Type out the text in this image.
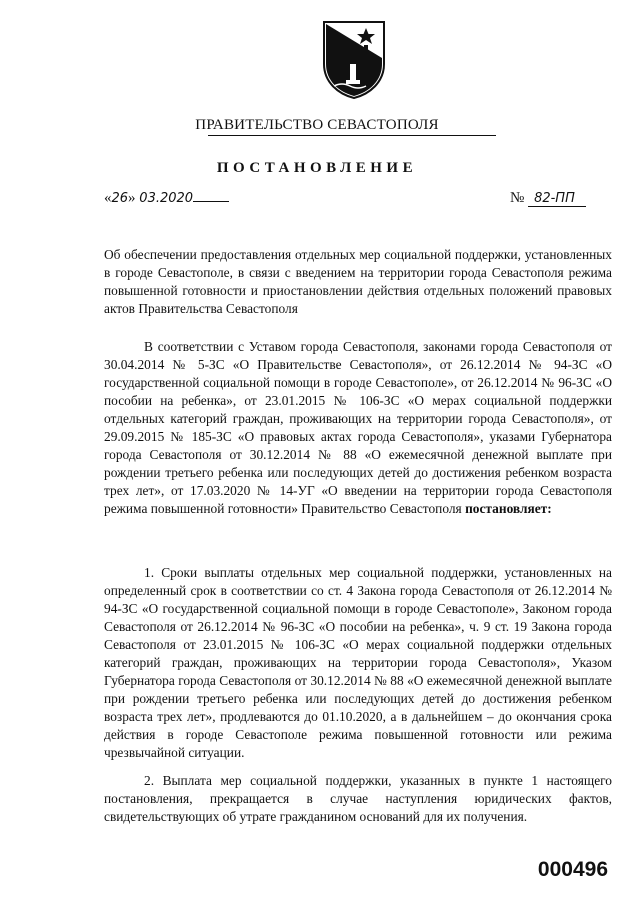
ПРАВИТЕЛЬСТВО СЕВАСТОПОЛЯ
ПОСТАНОВЛЕНИЕ
«26» 03.2020	№ 82-ПП
Об обеспечении предоставления отдельных мер социальной поддержки, установленных в городе Севастополе, в связи с введением на территории города Севастополя режима повышенной готовности и приостановлении действия отдельных положений правовых актов Правительства Севастополя

В соответствии с Уставом города Севастополя, законами города Севастополя от 30.04.2014 № 5-ЗС «О Правительстве Севастополя», от 26.12.2014 № 94-ЗС «О государственной социальной помощи в городе Севастополе», от 26.12.2014 № 96-ЗС «О пособии на ребенка», от 23.01.2015 № 106-ЗС «О мерах социальной поддержки отдельных категорий граждан, проживающих на территории города Севастополя», от 29.09.2015 № 185-ЗС «О правовых актах города Севастополя», указами Губернатора города Севастополя от 30.12.2014 № 88 «О ежемесячной денежной выплате при рождении третьего ребенка или последующих детей до достижения ребенком возраста трех лет», от 17.03.2020 № 14-УГ «О введении на территории города Севастополя режима повышенной готовности» Правительство Севастополя постановляет:

1. Сроки выплаты отдельных мер социальной поддержки, установленных на определенный срок в соответствии со ст. 4 Закона города Севастополя от 26.12.2014 № 94-ЗС «О государственной социальной помощи в городе Севастополе», Законом города Севастополя от 26.12.2014 № 96-ЗС «О пособии на ребенка», ч. 9 ст. 19 Закона города Севастополя от 23.01.2015 № 106-ЗС «О мерах социальной поддержки отдельных категорий граждан, проживающих на территории города Севастополя», Указом Губернатора города Севастополя от 30.12.2014 № 88 «О ежемесячной денежной выплате при рождении третьего ребенка или последующих детей до достижения ребенком возраста трех лет», продлеваются до 01.10.2020, а в дальнейшем – до окончания срока действия в городе Севастополе режима повышенной готовности или режима чрезвычайной ситуации.

2. Выплата мер социальной поддержки, указанных в пункте 1 настоящего постановления, прекращается в случае наступления юридических фактов, свидетельствующих об утрате гражданином оснований для их получения.

000496
